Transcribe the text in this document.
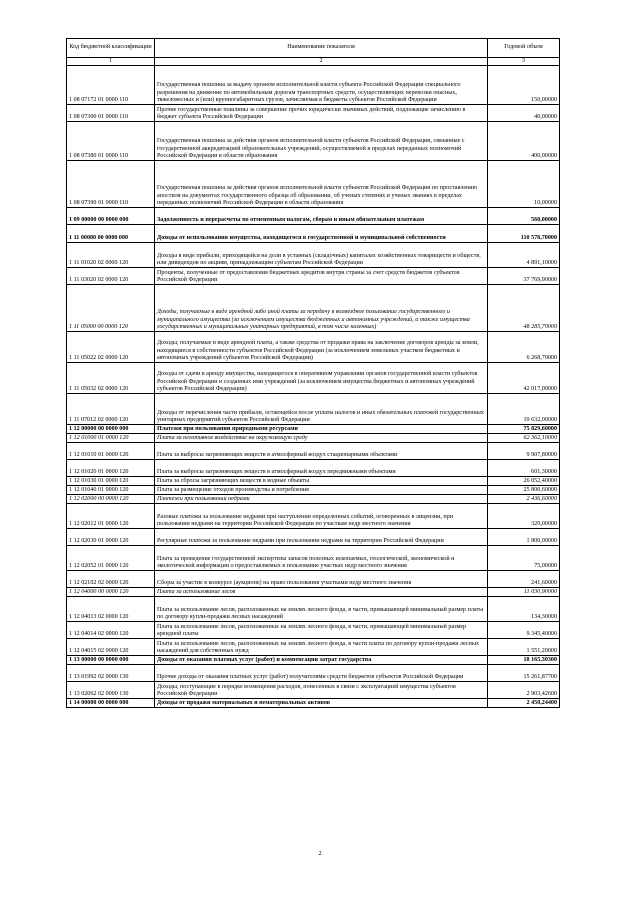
Код бюджетной классификации	Наименование показателя	Годовой объем
1	2	3
1 08 07172 01 0000 110	Государственная пошлина за выдачу органом исполнительной власти субъекта Российской Федерации специального разрешения на движение по автомобильным дорогам транспортных средств, осуществляющих перевозки опасных, тяжеловесных и (или) крупногабаритных грузов, зачисляемая в бюджеты субъектов Российской Федерации	150,00000
1 08 07300 01 0000 110	Прочие государственные пошлины за совершение прочих юридически значимых действий, подлежащие зачислению в бюджет субъекта Российской Федерации	40,00000
1 08 07380 01 0000 110	Государственная пошлина за действия органов исполнительной власти субъектов Российской Федерации, связанные с государственной аккредитацией образовательных учреждений, осуществляемой в пределах переданных полномочий Российской Федерации в области образования	400,00000
1 08 07390 01 0000 110	Государственная пошлина за действия органов исполнительной власти субъектов Российской Федерации по проставлению апостиля на документах государственного образца об образовании, об ученых степенях и ученых званиях в пределах переданных полномочий Российской Федерации в области образования	10,00000
1 09 00000 00 0000 000	Задолженность и перерасчеты по отмененным налогам, сборам и иным обязательным платежам	560,00000
1 11 00000 00 0000 000	Доходы от использования имущества, находящегося в государственной и муниципальной собственности	110 578,70000
1 11 01020 02 0000 120	Доходы в виде прибыли, приходящейся на доли в уставных (складочных) капиталах хозяйственных товариществ и обществ, или дивидендов по акциям, принадлежащим субъектам Российской Федерации	4 891,10000
1 11 03020 02 0000 120	Проценты, полученные от предоставления бюджетных кредитов внутри страны за счет средств бюджетов субъектов Российской Федерации	37 769,90000
1 11 05000 00 0000 120	Доходы, получаемые в виде арендной либо иной платы за передачу в возмездное пользование государственного и муниципального имущества (за исключением имущества бюджетных и автономных учреждений, а также имущества государственных и муниципальных унитарных предприятий, в том числе казенных)	48 285,70000
1 11 05022 02 0000 120	Доходы, получаемые в виде арендной платы, а также средства от продажи права на заключение договоров аренды за земли, находящиеся в собственности субъектов Российской Федерации (за исключением земельных участков бюджетных и автономных учреждений субъектов Российской Федерации)	6 268,70000
1 11 05032 02 0000 120	Доходы от сдачи в аренду имущества, находящегося в оперативном управлении органов государственной власти субъектов Российской Федерации и созданных ими учреждений (за исключением имущества бюджетных и автономных учреждений субъектов Российской Федерации)	42 017,00000
1 11 07012 02 0000 120	Доходы от перечисления части прибыли, остающейся после уплаты налогов и иных обязательных платежей государственных унитарных предприятий субъектов Российской Федерации	19 632,00000
1 12 00000 00 0000 000	Платежи при пользовании природными ресурсами	75 829,60000
1 12 01000 01 0000 120	Плата за негативное воздействие на окружающую среду	62 362,10000
1 12 01010 01 0000 120	Плата за выбросы загрязняющих веществ в атмосферный воздух стационарными объектами	9 907,80000
1 12 01020 01 0000 120	Плата за выбросы загрязняющих веществ в атмосферный воздух передвижными объектами	601,30000
1 12 01030 01 0000 120	Плата за сбросы загрязняющих веществ в водные объекты	26 052,40000
1 12 01040 01 0000 120	Плата за размещение отходов производства и потребления	25 800,60000
1 12 02000 00 0000 120	Платежи при пользовании недрами	2 436,60000
1 12 02012 01 0000 120	Разовые платежи за пользование недрами при наступлении определенных событий, оговоренных в лицензии, при пользовании недрами на территории Российской Федерации по участкам недр местного значения	320,00000
1 12 02030 01 0000 120	Регулярные платежи за пользование недрами при пользовании недрами на территории Российской Федерации	1 800,00000
1 12 02052 01 0000 120	Плата за проведение государственной экспертизы запасов полезных ископаемых, геологической, экономической и экологической информации о предоставляемых в пользование участках недр местного значения	75,00000
1 12 02102 02 0000 120	Сборы за участие в конкурсе (аукционе) на право пользования участками недр местного значения	241,60000
1 12 04000 00 0000 120	Плата за использование лесов	11 030,90000
1 12 04013 02 0000 120	Плата за использование лесов, расположенных на землях лесного фонда, в части, превышающей минимальный размер платы по договору купли-продажи лесных насаждений	134,30000
1 12 04014 02 0000 120	Плата за использование лесов, расположенных на землях лесного фонда, в части, превышающей минимальный размер арендной платы	9 345,40000
1 12 04015 02 0000 120	Плата за использование лесов, расположенных на землях лесного фонда, в части платы по договору купли-продажи лесных насаждений для собственных нужд	1 551,20000
1 13 00000 00 0000 000	Доходы от оказания платных услуг (работ) и компенсации затрат государства	18 165,30300
1 13 01992 02 0000 130	Прочие доходы от оказания платных услуг (работ) получателями средств бюджетов субъектов Российской Федерации	15 261,87700
1 13 02062 02 0000 130	Доходы, поступающие в порядке возмещения расходов, понесенных в связи с эксплуатацией имущества субъектов Российской Федерации	2 903,42600
1 14 00000 00 0000 000	Доходы от продажи материальных и нематериальных активов	2 450,24400
2
